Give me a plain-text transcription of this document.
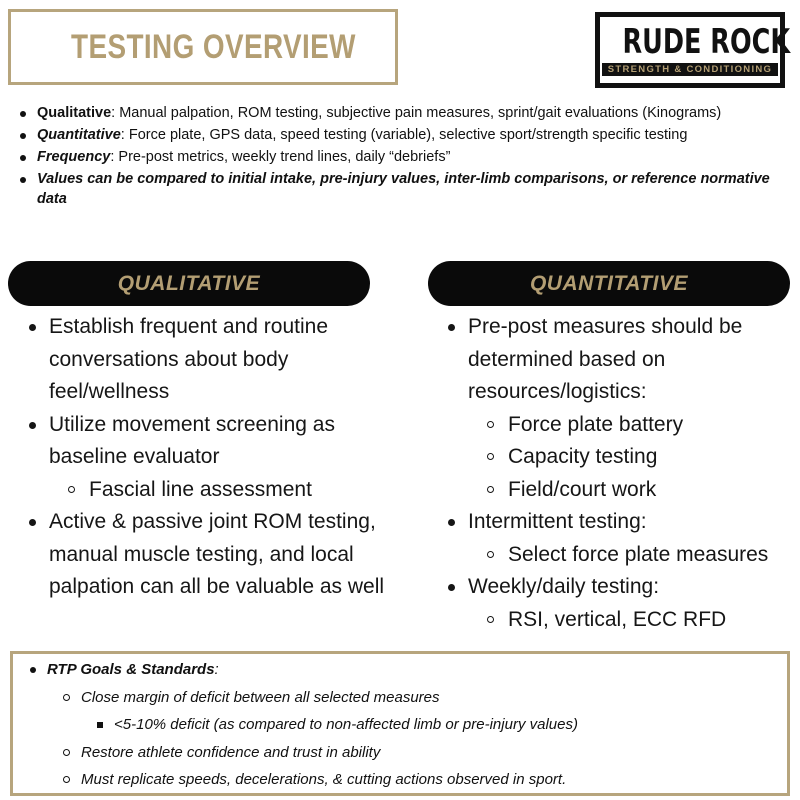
TESTING OVERVIEW	RUDE ROCK
STRENGTH & CONDITIONING
Qualitative: Manual palpation, ROM testing, subjective pain measures, sprint/gait evaluations (Kinograms)
Quantitative: Force plate, GPS data, speed testing (variable), selective sport/strength specific testing
Frequency: Pre-post metrics, weekly trend lines, daily “debriefs”
Values can be compared to initial intake, pre-injury values, inter-limb comparisons, or reference normative data
QUALITATIVE	QUANTITATIVE
Establish frequent and routine conversations about body feel/wellness
Utilize movement screening as baseline evaluator
Fascial line assessment
Active & passive joint ROM testing, manual muscle testing, and local palpation can all be valuable as well
Pre-post measures should be determined based on resources/logistics:
Force plate battery
Capacity testing
Field/court work
Intermittent testing:
Select force plate measures
Weekly/daily testing:
RSI, vertical, ECC RFD
RTP Goals & Standards:
Close margin of deficit between all selected measures
<5-10% deficit (as compared to non-affected limb or pre-injury values)
Restore athlete confidence and trust in ability
Must replicate speeds, decelerations, & cutting actions observed in sport.
